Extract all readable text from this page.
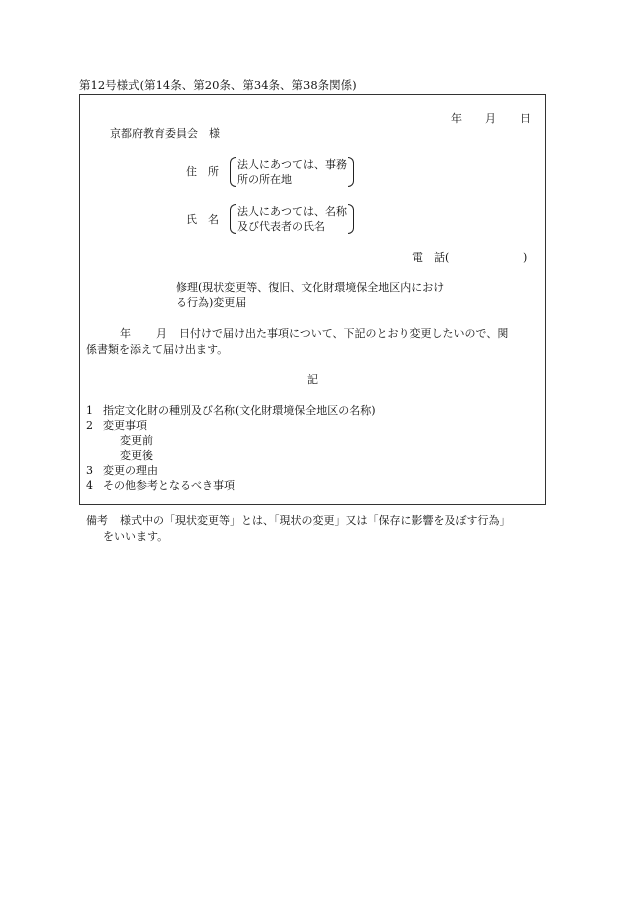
第12号様式(第14条、第20条、第34条、第38条関係)
年 月 日
京都府教育委員会　様
住　所
法人にあつては、事務
所の所在地
氏　名
法人にあつては、名称
及び代表者の氏名
電　話(	)
修理(現状変更等、復旧、文化財環境保全地区内におけ
る行為)変更届
年 月 日付けで届け出た事項について、下記のとおり変更したいので、関
係書類を添えて届け出ます。
記
1 指定文化財の種別及び名称(文化財環境保全地区の名称)
2 変更事項
変更前
変更後
3 変更の理由
4 その他参考となるべき事項
備考 様式中の「現状変更等」とは、「現状の変更」又は「保存に影響を及ぼす行為」
をいいます。
